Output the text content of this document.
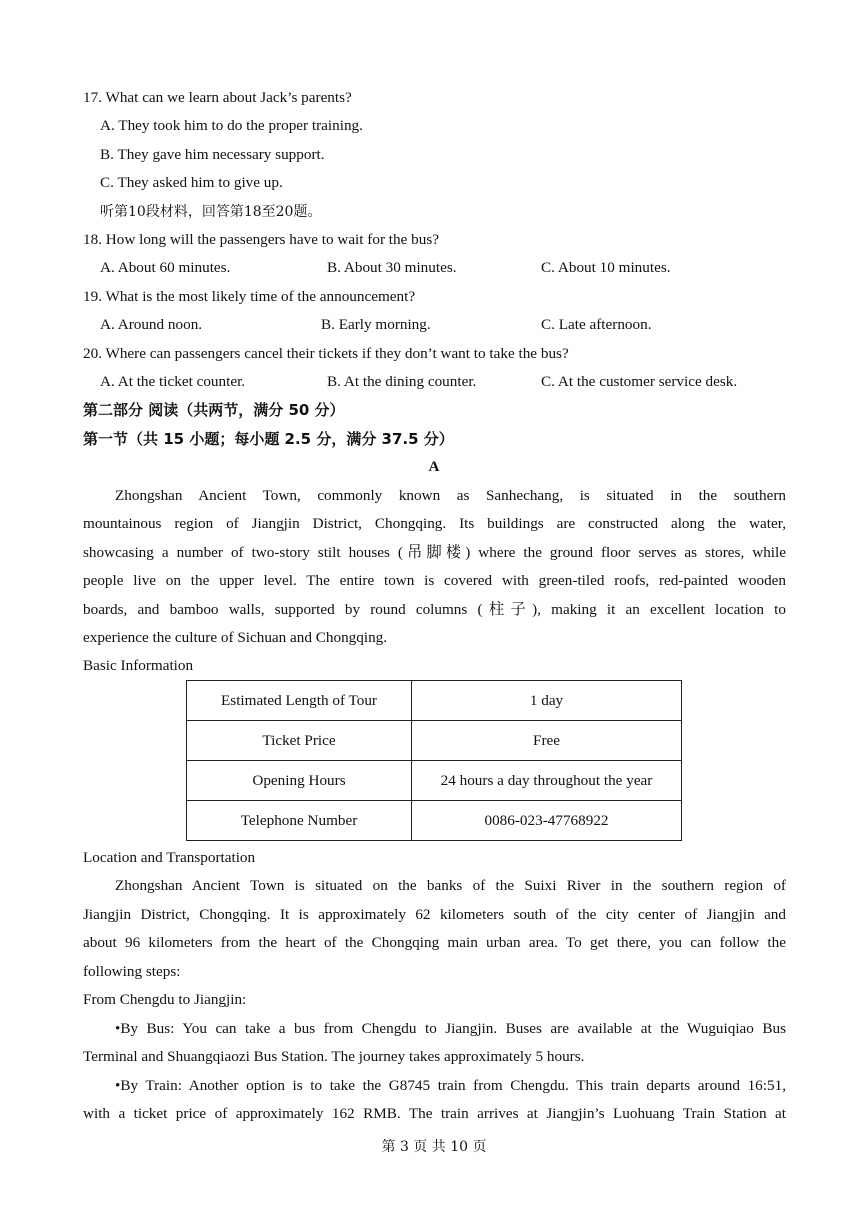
17. What can we learn about Jack’s parents?
A. They took him to do the proper training.
B. They gave him necessary support.
C. They asked him to give up.
听第10段材料，回答第18至20题。
18. How long will the passengers have to wait for the bus?
A. About 60 minutes.	B. About 30 minutes.	C. About 10 minutes.
19. What is the most likely time of the announcement?
A. Around noon.	B. Early morning.	C. Late afternoon.
20. Where can passengers cancel their tickets if they don’t want to take the bus?
A. At the ticket counter.	B. At the dining counter.	C. At the customer service desk.
第二部分 阅读（共两节，满分 50 分）
第一节（共 15 小题；每小题 2.5 分，满分 37.5 分）
A
Zhongshan Ancient Town, commonly known as Sanhechang, is situated in the southern
mountainous region of Jiangjin District, Chongqing. Its buildings are constructed along the water,
showcasing a number of two-story stilt houses (吊脚楼) where the ground floor serves as stores, while
people live on the upper level. The entire town is covered with green-tiled roofs, red-painted wooden
boards, and bamboo walls, supported by round columns (柱子), making it an excellent location to
experience the culture of Sichuan and Chongqing.
Basic Information
Estimated Length of Tour	1 day
Ticket Price	Free
Opening Hours	24 hours a day throughout the year
Telephone Number	0086-023-47768922
Location and Transportation
Zhongshan Ancient Town is situated on the banks of the Suixi River in the southern region of
Jiangjin District, Chongqing. It is approximately 62 kilometers south of the city center of Jiangjin and
about 96 kilometers from the heart of the Chongqing main urban area. To get there, you can follow the
following steps:
From Chengdu to Jiangjin:
•By Bus: You can take a bus from Chengdu to Jiangjin. Buses are available at the Wuguiqiao Bus
Terminal and Shuangqiaozi Bus Station. The journey takes approximately 5 hours.
•By Train: Another option is to take the G8745 train from Chengdu. This train departs around 16:51,
with a ticket price of approximately 162 RMB. The train arrives at Jiangjin’s Luohuang Train Station at
第 3 页 共 10 页
